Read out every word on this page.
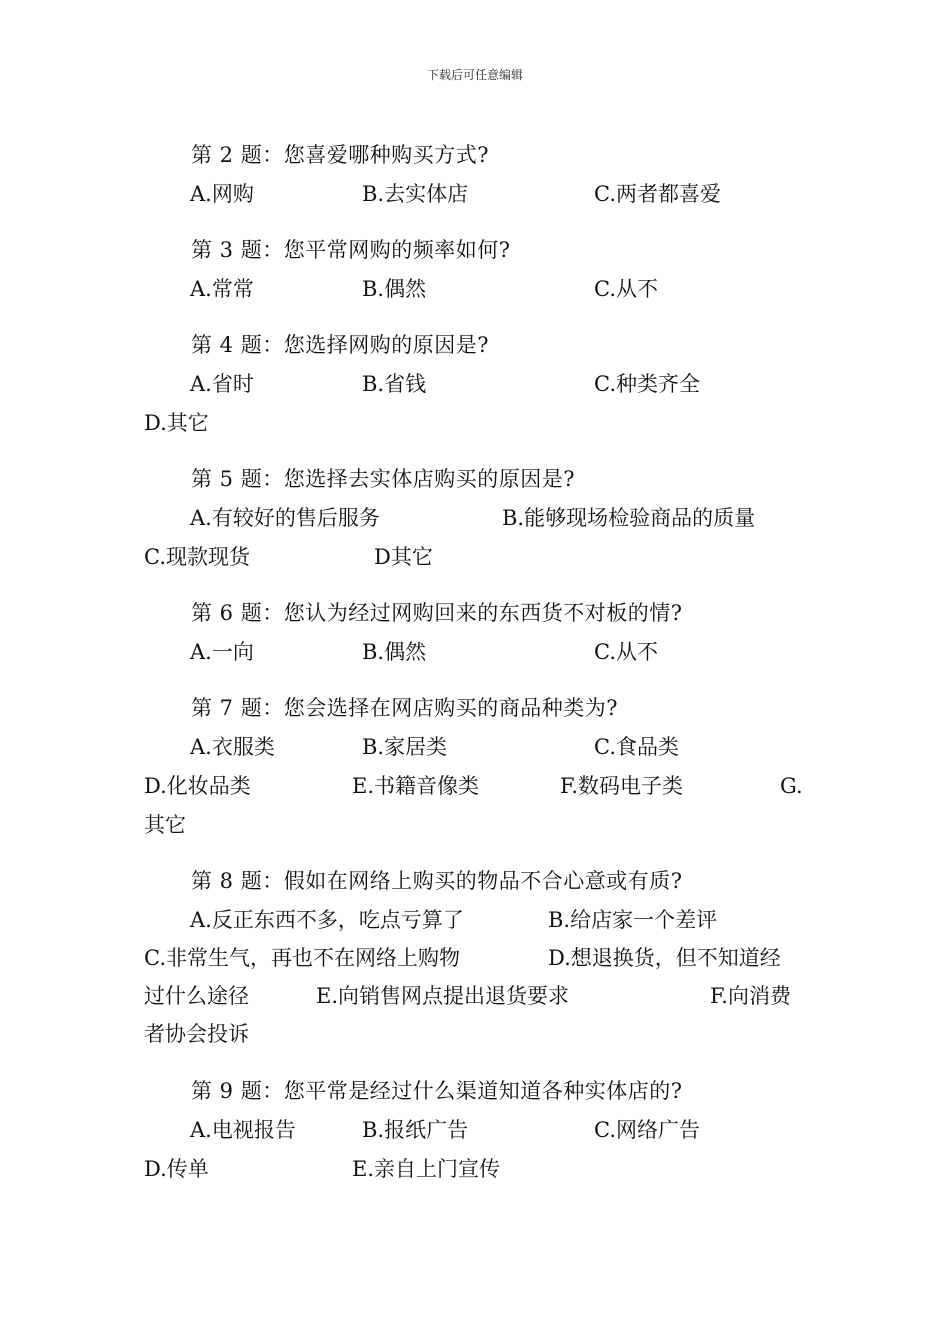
下载后可任意编辑
第 2 题：您喜爱哪种购买方式?
A.网购	B.去实体店	C.两者都喜爱
第 3 题：您平常网购的频率如何?
A.常常	B.偶然	C.从不
第 4 题：您选择网购的原因是?
A.省时	B.省钱	C.种类齐全
D.其它
第 5 题：您选择去实体店购买的原因是?
A.有较好的售后服务	B.能够现场检验商品的质量
C.现款现货	D其它
第 6 题：您认为经过网购回来的东西货不对板的情?
A.一向	B.偶然	C.从不
第 7 题：您会选择在网店购买的商品种类为?
A.衣服类	B.家居类	C.食品类
D.化妆品类	E.书籍音像类	F.数码电子类	G.
其它
第 8 题：假如在网络上购买的物品不合心意或有质?
A.反正东西不多，吃点亏算了	B.给店家一个差评
C.非常生气，再也不在网络上购物	D.想退换货，但不知道经
过什么途径	E.向销售网点提出退货要求	F.向消费
者协会投诉
第 9 题：您平常是经过什么渠道知道各种实体店的?
A.电视报告	B.报纸广告	C.网络广告
D.传单	E.亲自上门宣传
